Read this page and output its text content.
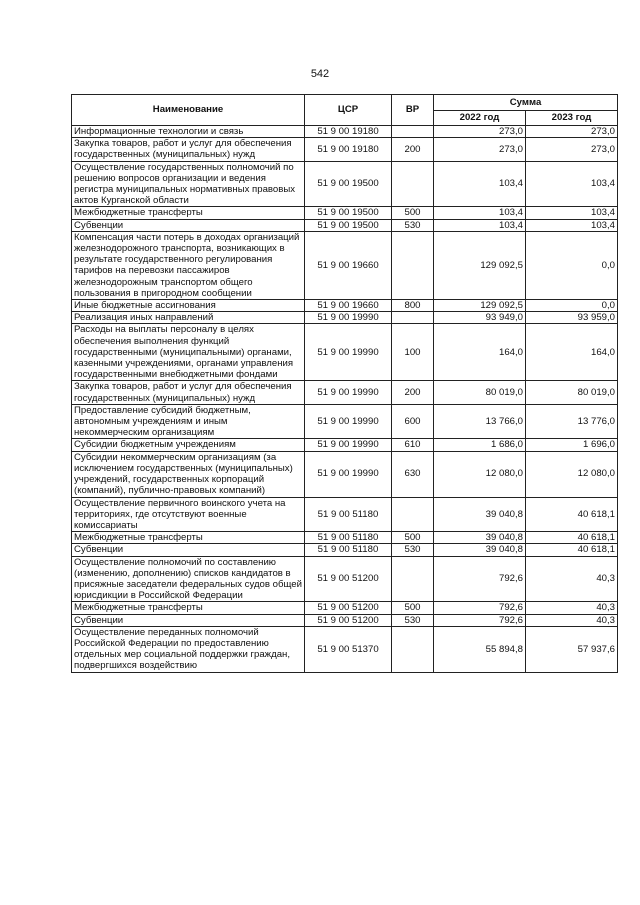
542
Наименование	ЦСР	ВР	Сумма	
			2022 год	2023 год
Информационные технологии и связь	51 9 00 19180		273,0	273,0
Закупка товаров, работ и услуг для обеспечения государственных (муниципальных) нужд	51 9 00 19180	200	273,0	273,0
Осуществление государственных полномочий по решению вопросов организации и ведения регистра муниципальных нормативных правовых актов Курганской области	51 9 00 19500		103,4	103,4
Межбюджетные трансферты	51 9 00 19500	500	103,4	103,4
Субвенции	51 9 00 19500	530	103,4	103,4
Компенсация части потерь в доходах организаций железнодорожного транспорта, возникающих в результате государственного регулирования тарифов на перевозки пассажиров железнодорожным транспортом общего пользования в пригородном сообщении	51 9 00 19660		129 092,5	0,0
Иные бюджетные ассигнования	51 9 00 19660	800	129 092,5	0,0
Реализация иных направлений	51 9 00 19990		93 949,0	93 959,0
Расходы на выплаты персоналу в целях обеспечения выполнения функций государственными (муниципальными) органами, казенными учреждениями, органами управления государственными внебюджетными фондами	51 9 00 19990	100	164,0	164,0
Закупка товаров, работ и услуг для обеспечения государственных (муниципальных) нужд	51 9 00 19990	200	80 019,0	80 019,0
Предоставление субсидий бюджетным, автономным учреждениям и иным некоммерческим организациям	51 9 00 19990	600	13 766,0	13 776,0
Субсидии бюджетным учреждениям	51 9 00 19990	610	1 686,0	1 696,0
Субсидии некоммерческим организациям (за исключением государственных (муниципальных) учреждений, государственных корпораций (компаний), публично-правовых компаний)	51 9 00 19990	630	12 080,0	12 080,0
Осуществление первичного воинского учета на территориях, где отсутствуют военные комиссариаты	51 9 00 51180		39 040,8	40 618,1
Межбюджетные трансферты	51 9 00 51180	500	39 040,8	40 618,1
Субвенции	51 9 00 51180	530	39 040,8	40 618,1
Осуществление полномочий по составлению (изменению, дополнению) списков кандидатов в присяжные заседатели федеральных судов общей юрисдикции в Российской Федерации	51 9 00 51200		792,6	40,3
Межбюджетные трансферты	51 9 00 51200	500	792,6	40,3
Субвенции	51 9 00 51200	530	792,6	40,3
Осуществление переданных полномочий Российской Федерации по предоставлению отдельных мер социальной поддержки граждан, подвергшихся воздействию	51 9 00 51370		55 894,8	57 937,6
